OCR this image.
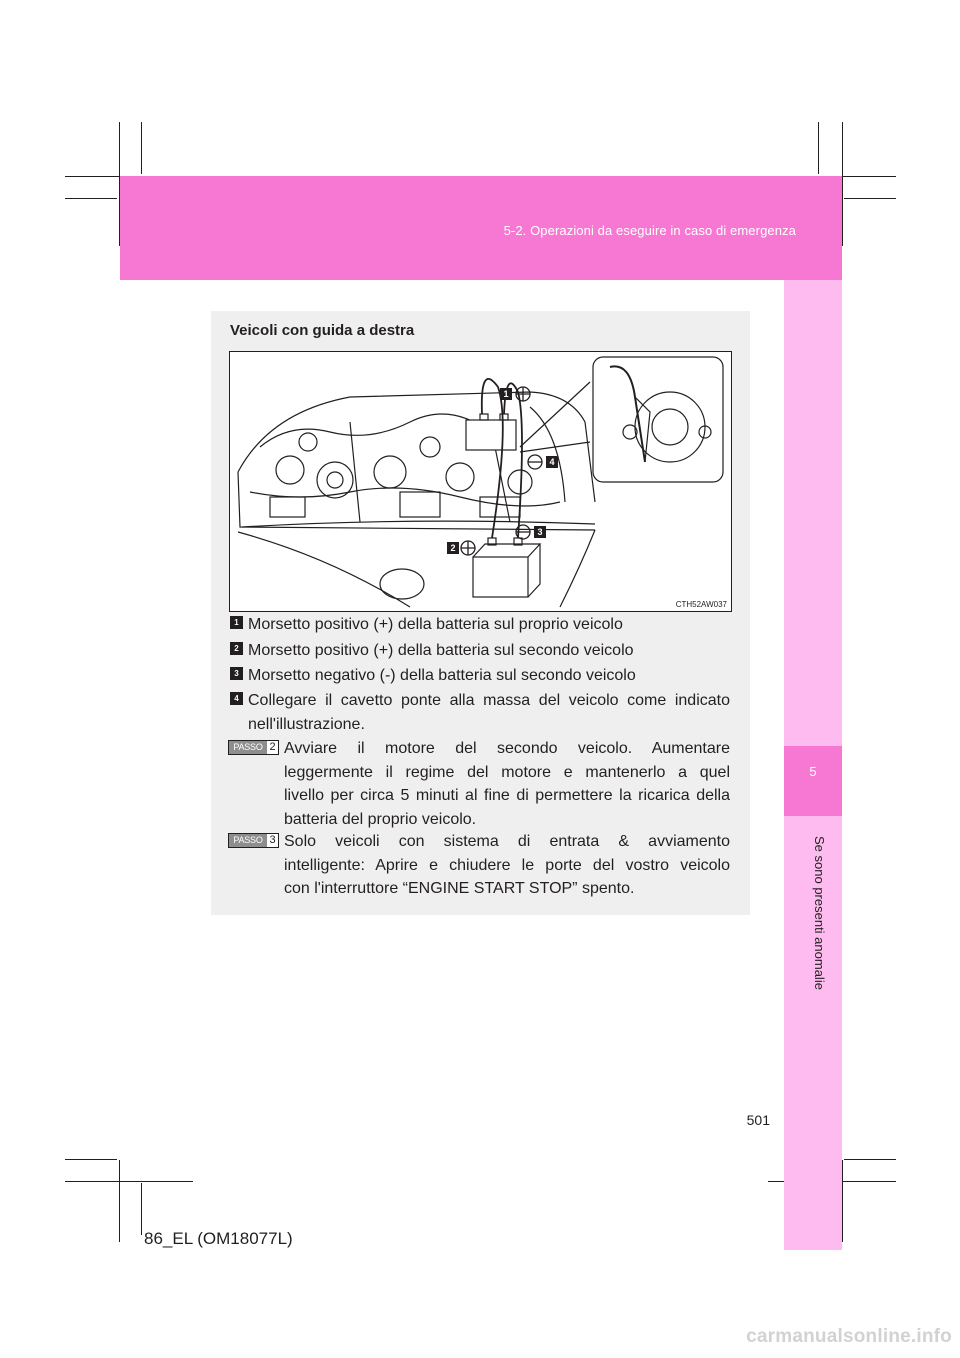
5-2. Operazioni da eseguire in caso di emergenza
5
Se sono presenti anomalie
Veicoli con guida a destra
1
2
3
4
CTH52AW037
1 Morsetto positivo (+) della batteria sul proprio veicolo
2 Morsetto positivo (+) della batteria sul secondo veicolo
3 Morsetto negativo (-) della batteria sul secondo veicolo
4 Collegare il cavetto ponte alla massa del veicolo come indicato
nell'illustrazione.
PASSO 2 Avviare il motore del secondo veicolo. Aumentare
leggermente il regime del motore e mantenerlo a quel
livello per circa 5 minuti al fine di permettere la ricarica della
batteria del proprio veicolo.
PASSO 3 Solo veicoli con sistema di entrata & avviamento
intelligente: Aprire e chiudere le porte del vostro veicolo
con l'interruttore “ENGINE START STOP” spento.
501
86_EL (OM18077L)
carmanualsonline.info
